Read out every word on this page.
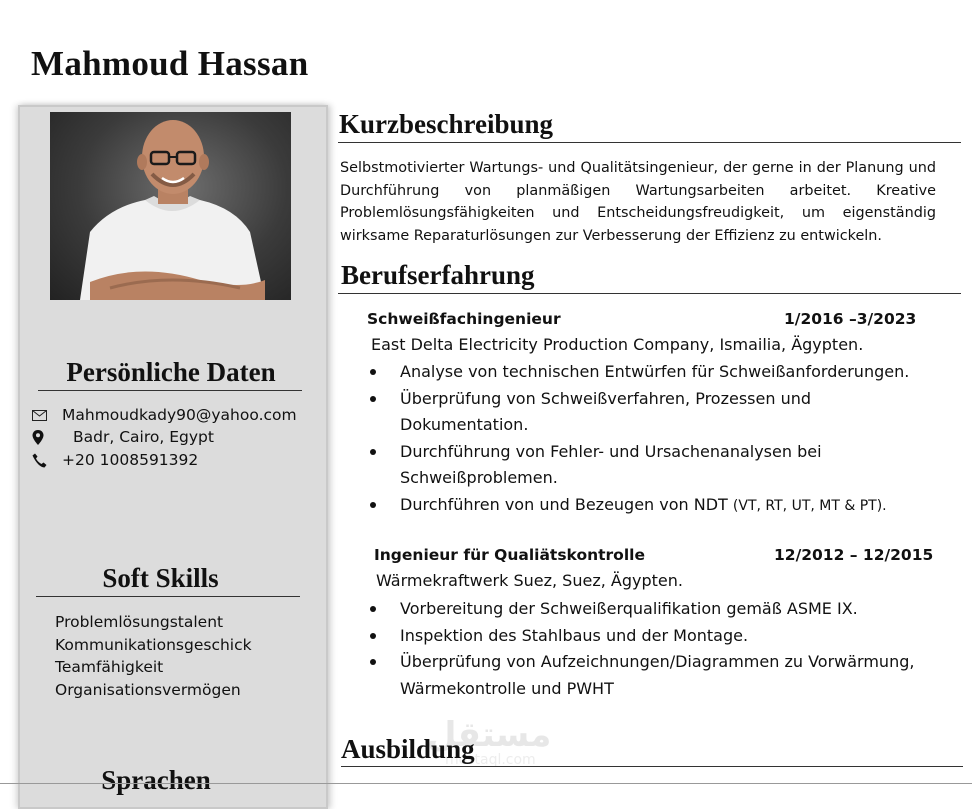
Mahmoud Hassan
Persönliche Daten
Mahmoudkady90@yahoo.com
Badr, Cairo, Egypt
+20 1008591392
Soft Skills
Problemlösungstalent
Kommunikationsgeschick
Teamfähigkeit
Organisationsvermögen
Sprachen
Kurzbeschreibung

Selbstmotivierter Wartungs- und Qualitätsingenieur, der gerne in der Planung und Durchführung von planmäßigen Wartungsarbeiten arbeitet. Kreative Problemlösungsfähigkeiten und Entscheidungsfreudigkeit, um eigenständig wirksame Reparaturlösungen zur Verbesserung der Effizienz zu entwickeln.

Berufserfahrung
Schweißfachingenieur	1/2016 –3/2023
East Delta Electricity Production Company, Ismailia, Ägypten.
Analyse von technischen Entwürfen für Schweißanforderungen.
Überprüfung von Schweißverfahren, Prozessen und Dokumentation.
Durchführung von Fehler- und Ursachenanalysen bei Schweißproblemen.
Durchführen von und Bezeugen von NDT (VT, RT, UT, MT & PT).
Ingenieur für Qualiätskontrolle	12/2012 – 12/2015
Wärmekraftwerk Suez, Suez, Ägypten.
Vorbereitung der Schweißerqualifikation gemäß ASME IX.
Inspektion des Stahlbaus und der Montage.
Überprüfung von Aufzeichnungen/Diagrammen zu Vorwärmung, Wärmekontrolle und PWHT
مستقل
mostaql.com
Ausbildung
